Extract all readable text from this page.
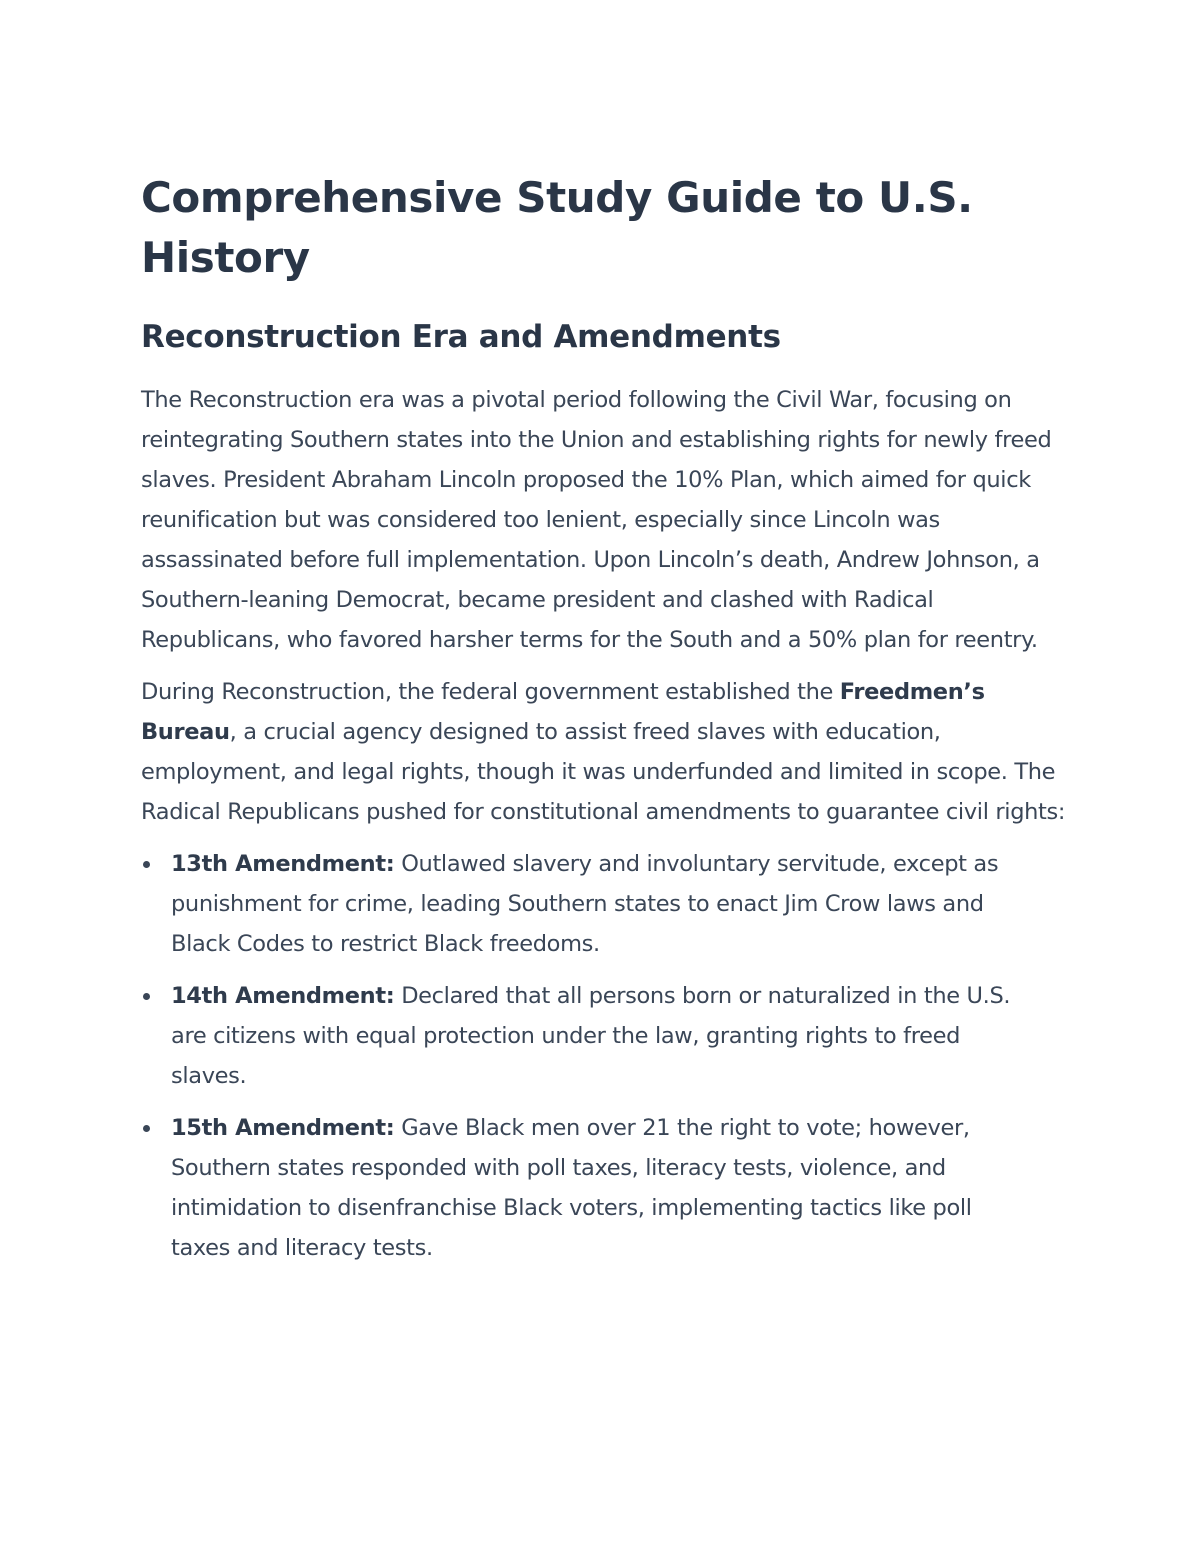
Comprehensive Study Guide to U.S. History
Reconstruction Era and Amendments

The Reconstruction era was a pivotal period following the Civil War, focusing on reintegrating Southern states into the Union and establishing rights for newly freed slaves. President Abraham Lincoln proposed the 10% Plan, which aimed for quick reunification but was considered too lenient, especially since Lincoln was assassinated before full implementation. Upon Lincoln’s death, Andrew Johnson, a Southern-leaning Democrat, became president and clashed with Radical Republicans, who favored harsher terms for the South and a 50% plan for reentry.

During Reconstruction, the federal government established the Freedmen’s Bureau, a crucial agency designed to assist freed slaves with education, employment, and legal rights, though it was underfunded and limited in scope. The Radical Republicans pushed for constitutional amendments to guarantee civil rights:

13th Amendment: Outlawed slavery and involuntary servitude, except as punishment for crime, leading Southern states to enact Jim Crow laws and Black Codes to restrict Black freedoms.
14th Amendment: Declared that all persons born or naturalized in the U.S. are citizens with equal protection under the law, granting rights to freed slaves.
15th Amendment: Gave Black men over 21 the right to vote; however, Southern states responded with poll taxes, literacy tests, violence, and intimidation to disenfranchise Black voters, implementing tactics like poll taxes and literacy tests.
